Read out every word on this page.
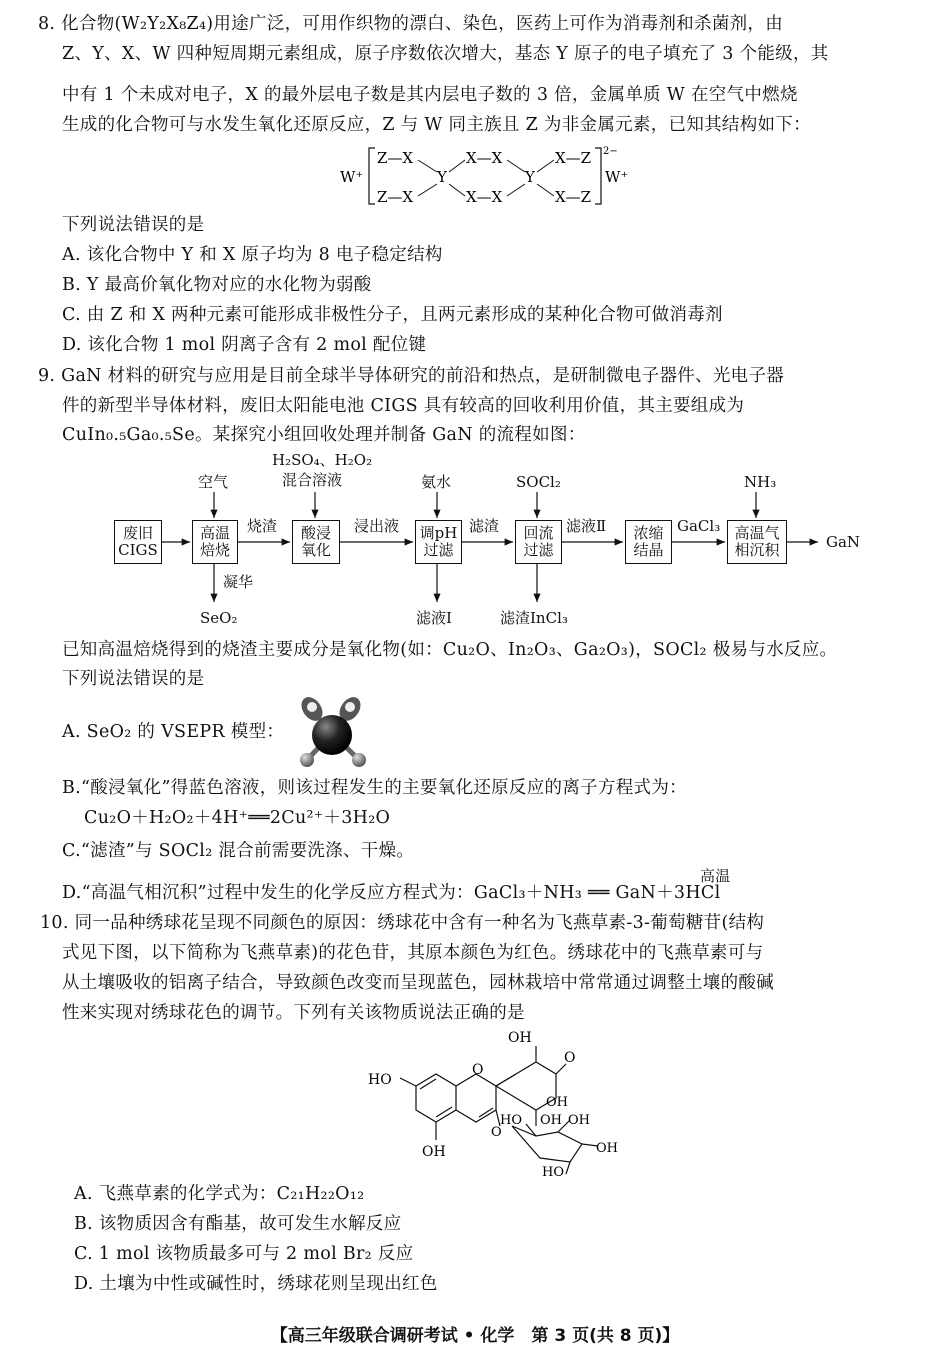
8. 化合物(W₂Y₂X₈Z₄)用途广泛，可用作织物的漂白、染色，医药上可作为消毒剂和杀菌剂，由
Z、Y、X、W 四种短周期元素组成，原子序数依次增大，基态 Y 原子的电子填充了 3 个能级，其
中有 1 个未成对电子，X 的最外层电子数是其内层电子数的 3 倍，金属单质 W 在空气中燃烧
生成的化合物可与水发生氧化还原反应，Z 与 W 同主族且 Z 为非金属元素，已知其结构如下：
W⁺
2−
W⁺
Z—X	X—X	X—Z
Y	Y
Z—X	X—X	X—Z
下列说法错误的是
A. 该化合物中 Y 和 X 原子均为 8 电子稳定结构
B. Y 最高价氧化物对应的水化物为弱酸
C. 由 Z 和 X 两种元素可能形成非极性分子，且两元素形成的某种化合物可做消毒剂
D. 该化合物 1 mol 阴离子含有 2 mol 配位键
9. GaN 材料的研究与应用是目前全球半导体研究的前沿和热点，是研制微电子器件、光电子器
件的新型半导体材料，废旧太阳能电池 CIGS 具有较高的回收利用价值，其主要组成为
CuIn₀.₅Ga₀.₅Se。某探究小组回收处理并制备 GaN 的流程如图：
废旧
CIGS
高温
焙烧
酸浸
氧化
调pH
过滤
回流
过滤
浓缩
结晶
高温气
相沉积
空气
H₂SO₄、H₂O₂
混合溶液	氨水	SOCl₂	NH₃
烧渣	浸出液	滤渣	滤液Ⅱ	GaCl₃
GaN
凝华
SeO₂	滤液Ⅰ	滤渣InCl₃
已知高温焙烧得到的烧渣主要成分是氧化物(如：Cu₂O、In₂O₃、Ga₂O₃)，SOCl₂ 极易与水反应。
下列说法错误的是
A. SeO₂ 的 VSEPR 模型：
B.“酸浸氧化”得蓝色溶液，则该过程发生的主要氧化还原反应的离子方程式为：
Cu₂O＋H₂O₂＋4H⁺══2Cu²⁺＋3H₂O
C.“滤渣”与 SOCl₂ 混合前需要洗涤、干燥。
D.“高温气相沉积”过程中发生的化学反应方程式为：GaCl₃＋NH₃ ══ GaN＋3HCl
高温
10. 同一品种绣球花呈现不同颜色的原因：绣球花中含有一种名为飞燕草素-3-葡萄糖苷(结构
式见下图，以下简称为飞燕草素)的花色苷，其原本颜色为红色。绣球花中的飞燕草素可与
从土壤吸收的铝离子结合，导致颜色改变而呈现蓝色，园林栽培中常常通过调整土壤的酸碱
性来实现对绣球花色的调节。下列有关该物质说法正确的是
OH
O
HO
O
OH
HO OH OH
OH
HO
O
OH
A. 飞燕草素的化学式为：C₂₁H₂₂O₁₂
B. 该物质因含有酯基，故可发生水解反应
C. 1 mol 该物质最多可与 2 mol Br₂ 反应
D. 土壤为中性或碱性时，绣球花则呈现出红色
【高三年级联合调研考试 • 化学　第 3 页(共 8 页)】
